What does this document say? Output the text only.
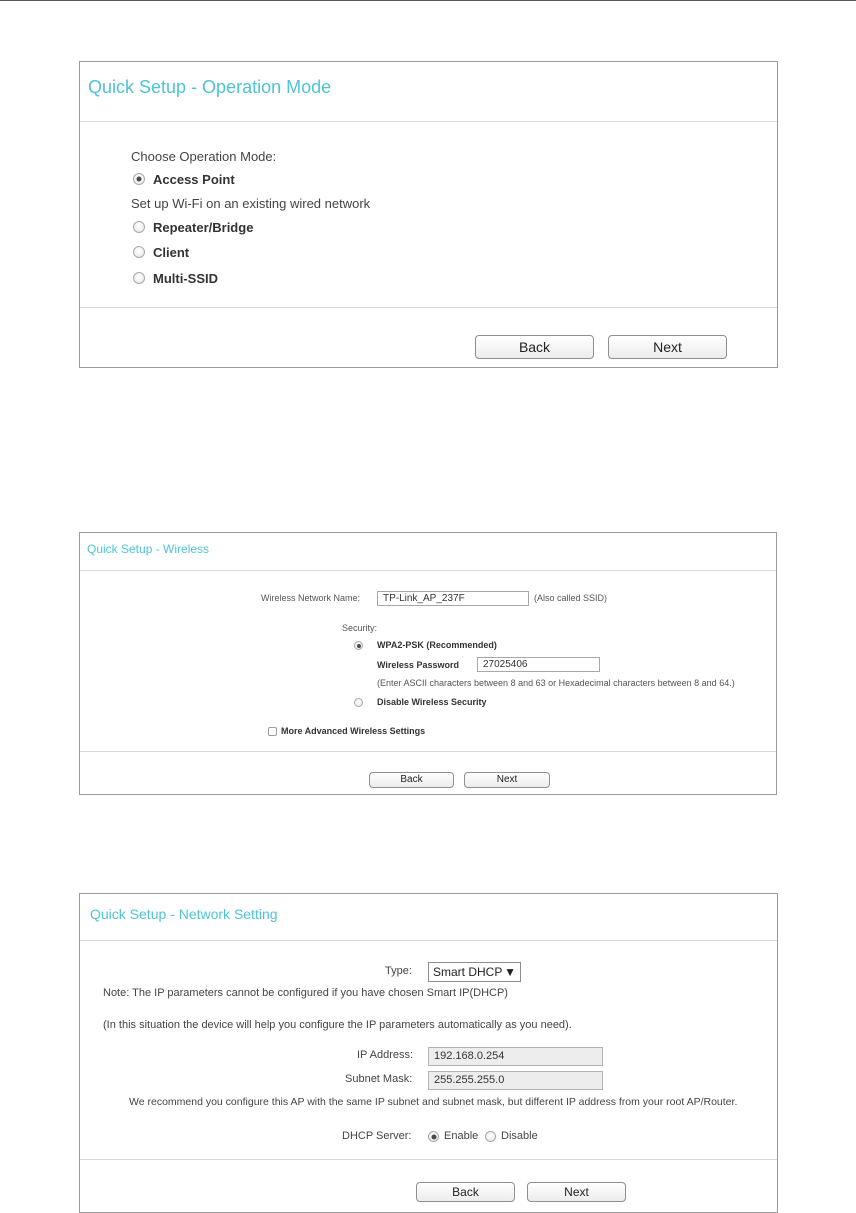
Quick Setup - Operation Mode
Choose Operation Mode:
Access Point
Set up Wi-Fi on an existing wired network
Repeater/Bridge
Client
Multi-SSID
Back	Next
Quick Setup - Wireless
Wireless Network Name:	TP-Link_AP_237F	(Also called SSID)
Security:
WPA2-PSK (Recommended)
Wireless Password	27025406
(Enter ASCII characters between 8 and 63 or Hexadecimal characters between 8 and 64.)
Disable Wireless Security
More Advanced Wireless Settings
Back	Next
Quick Setup - Network Setting
Type:	Smart DHCP ▼
Note: The IP parameters cannot be configured if you have chosen Smart IP(DHCP)
(In this situation the device will help you configure the IP parameters automatically as you need).
IP Address:	192.168.0.254
Subnet Mask:	255.255.255.0
We recommend you configure this AP with the same IP subnet and subnet mask, but different IP address from your root AP/Router.
DHCP Server:	Enable Disable
Back	Next
